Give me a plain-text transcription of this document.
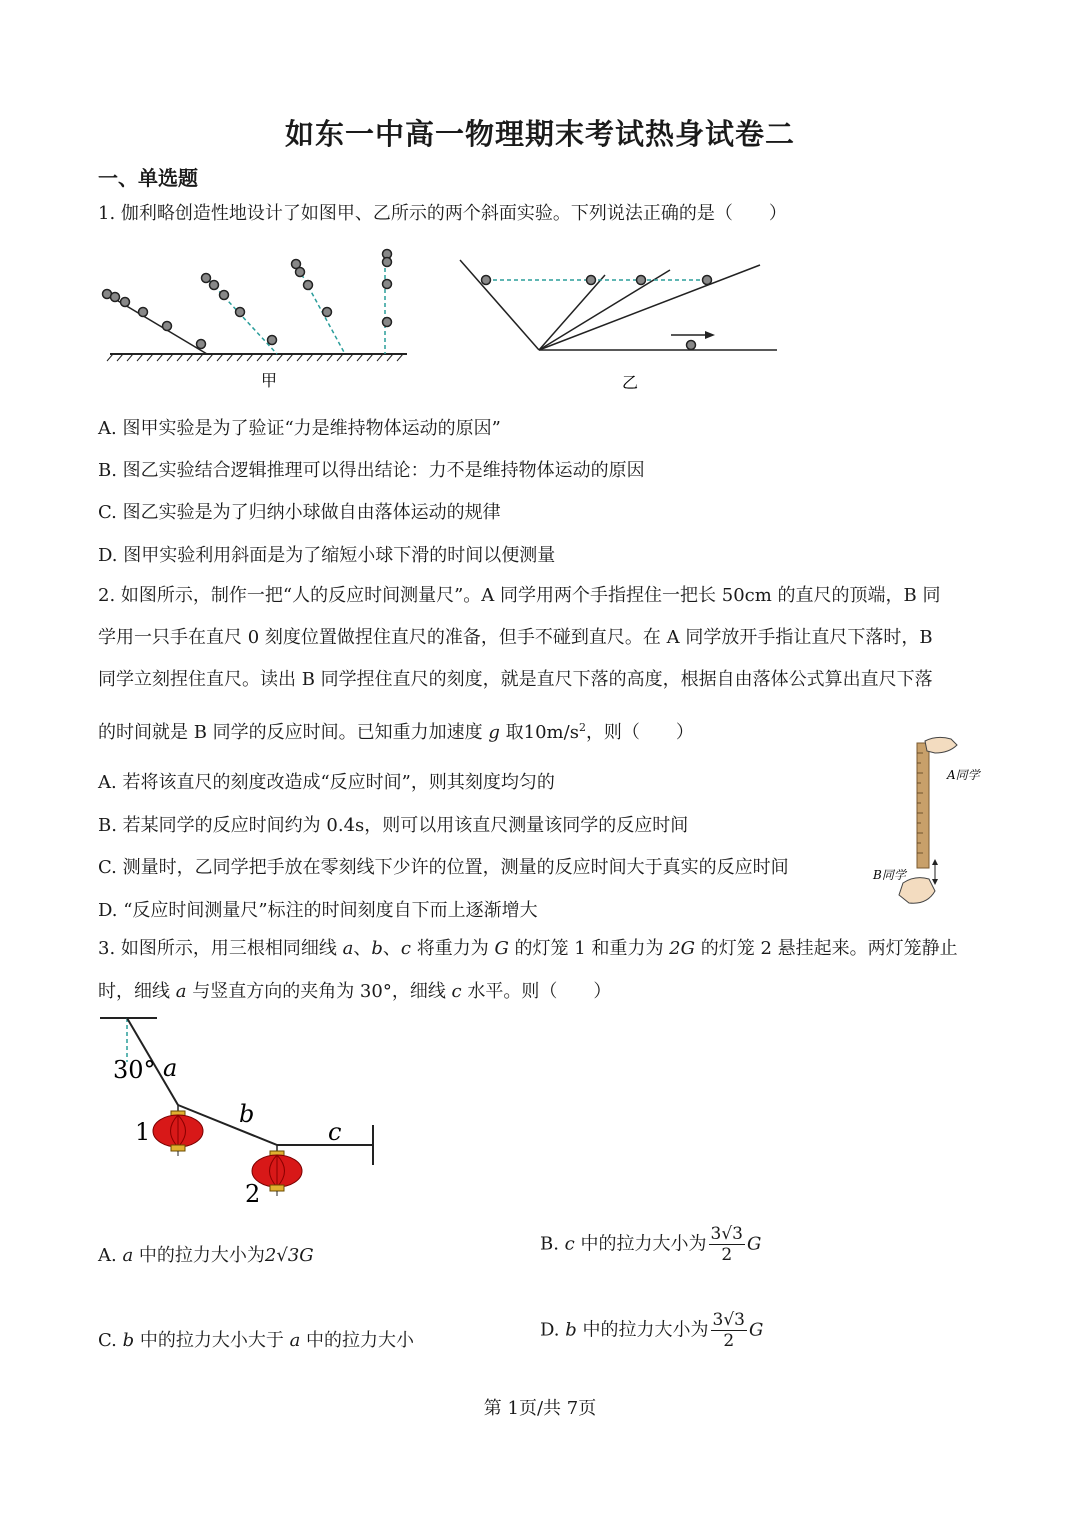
如东一中高一物理期末考试热身试卷二
一、单选题
1. 伽利略创造性地设计了如图甲、乙所示的两个斜面实验。下列说法正确的是（　　）
甲	乙
A. 图甲实验是为了验证“力是维持物体运动的原因”
B. 图乙实验结合逻辑推理可以得出结论：力不是维持物体运动的原因
C. 图乙实验是为了归纳小球做自由落体运动的规律
D. 图甲实验利用斜面是为了缩短小球下滑的时间以便测量
2. 如图所示，制作一把“人的反应时间测量尺”。A 同学用两个手指捏住一把长 50cm 的直尺的顶端，B 同
学用一只手在直尺 0 刻度位置做捏住直尺的准备，但手不碰到直尺。在 A 同学放开手指让直尺下落时，B
同学立刻捏住直尺。读出 B 同学捏住直尺的刻度，就是直尺下落的高度，根据自由落体公式算出直尺下落
的时间就是 B 同学的反应时间。已知重力加速度 g 取$10m/s^2$，则（　　）
A. 若将该直尺的刻度改造成“反应时间”，则其刻度均匀的
B. 若某同学的反应时间约为 0.4s，则可以用该直尺测量该同学的反应时间
C. 测量时，乙同学把手放在零刻线下少许的位置，测量的反应时间大于真实的反应时间
D. “反应时间测量尺”标注的时间刻度自下而上逐渐增大
A同学
B同学
3. 如图所示，用三根相同细线 a、b、c 将重力为 G 的灯笼 1 和重力为 2G 的灯笼 2 悬挂起来。两灯笼静止
时，细线 a 与竖直方向的夹角为 30°，细线 c 水平。则（　　）
30° a
b
c
1
2
A. a 中的拉力大小为2√3G
B. c 中的拉力大小为 $\frac{3√3}{2}$ G
C. b 中的拉力大小大于 a 中的拉力大小	D. b 中的拉力大小为 $\frac{3√3}{2}$ G
第 1页/共 7页
